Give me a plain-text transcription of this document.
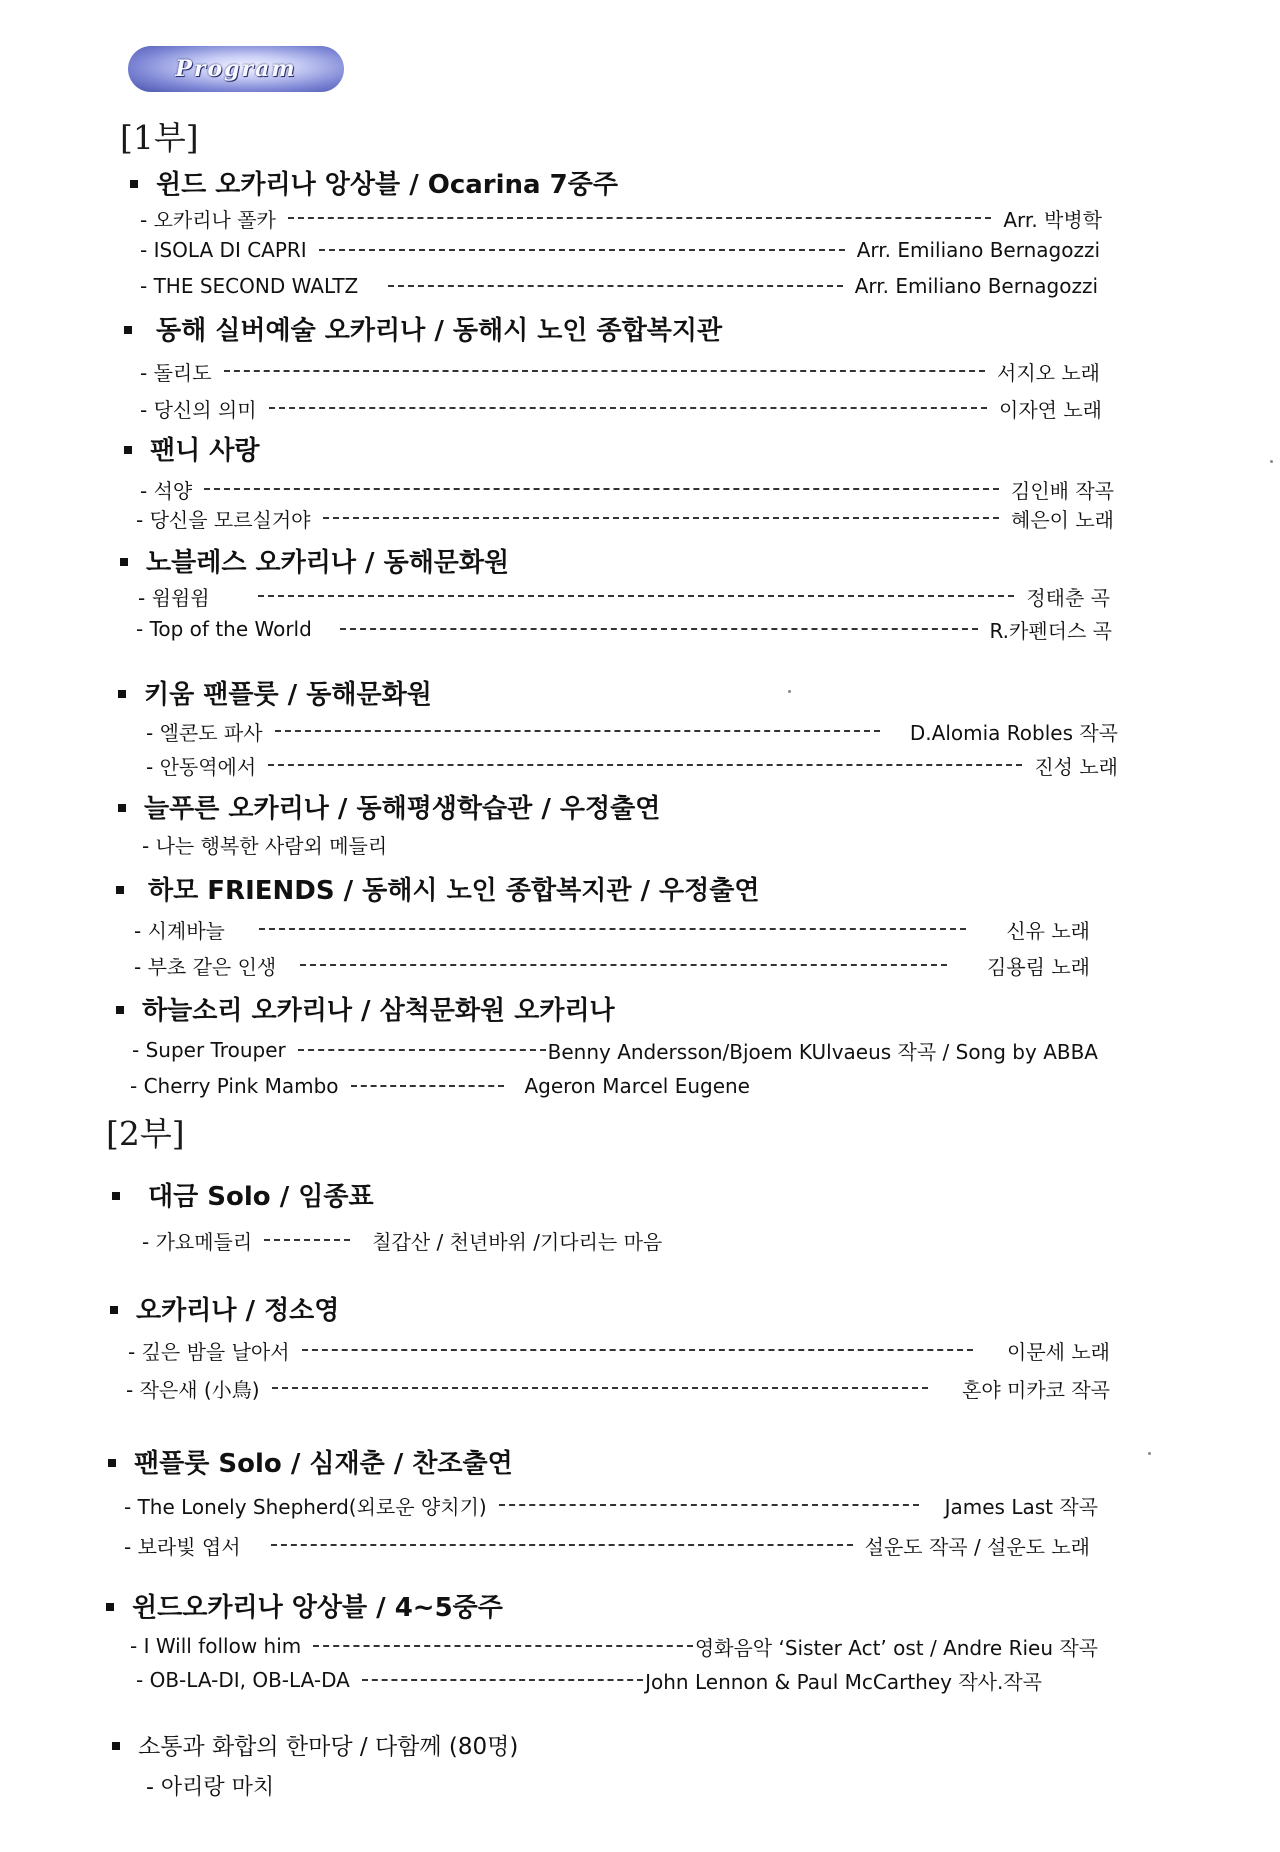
Program
[1부]
윈드 오카리나 앙상블 / Ocarina 7중주
- 오카리나 폴카	Arr. 박병학
- ISOLA DI CAPRI	Arr. Emiliano Bernagozzi
- THE SECOND WALTZ	Arr. Emiliano Bernagozzi
동해 실버예술 오카리나 / 동해시 노인 종합복지관
- 돌리도	서지오 노래
- 당신의 의미	이자연 노래
팬니 사랑
- 석양	김인배 작곡
- 당신을 모르실거야	혜은이 노래
노블레스 오카리나 / 동해문화원
- 윔윔윔	정태춘 곡
- Top of the World	R.카펜더스 곡
키움 팬플룻 / 동해문화원
- 엘콘도 파사	D.Alomia Robles 작곡
- 안동역에서	진성 노래
늘푸른 오카리나 / 동해평생학습관 / 우정출연
- 나는 행복한 사람외 메들리
하모 FRIENDS / 동해시 노인 종합복지관 / 우정출연
- 시계바늘	신유 노래
- 부초 같은 인생	김용림 노래
하늘소리 오카리나 / 삼척문화원 오카리나
- Super Trouper	Benny Andersson/Bjoem KUlvaeus 작곡 / Song by ABBA
- Cherry Pink Mambo	Ageron Marcel Eugene
[2부]
대금 Solo / 임종표
- 가요메들리	칠갑산 / 천년바위 /기다리는 마음
오카리나 / 정소영
- 깊은 밤을 날아서	이문세 노래
- 작은새 (小鳥)	혼야 미카코 작곡
팬플룻 Solo / 심재춘 / 찬조출연
- The Lonely Shepherd(외로운 양치기)	James Last 작곡
- 보라빛 엽서	설운도 작곡 / 설운도 노래
윈드오카리나 앙상블 / 4~5중주
- I Will follow him	영화음악 ‘Sister Act’ ost / Andre Rieu 작곡
- OB-LA-DI, OB-LA-DA	John Lennon & Paul McCarthey 작사.작곡
소통과 화합의 한마당 / 다함께 (80명)
- 아리랑 마치
